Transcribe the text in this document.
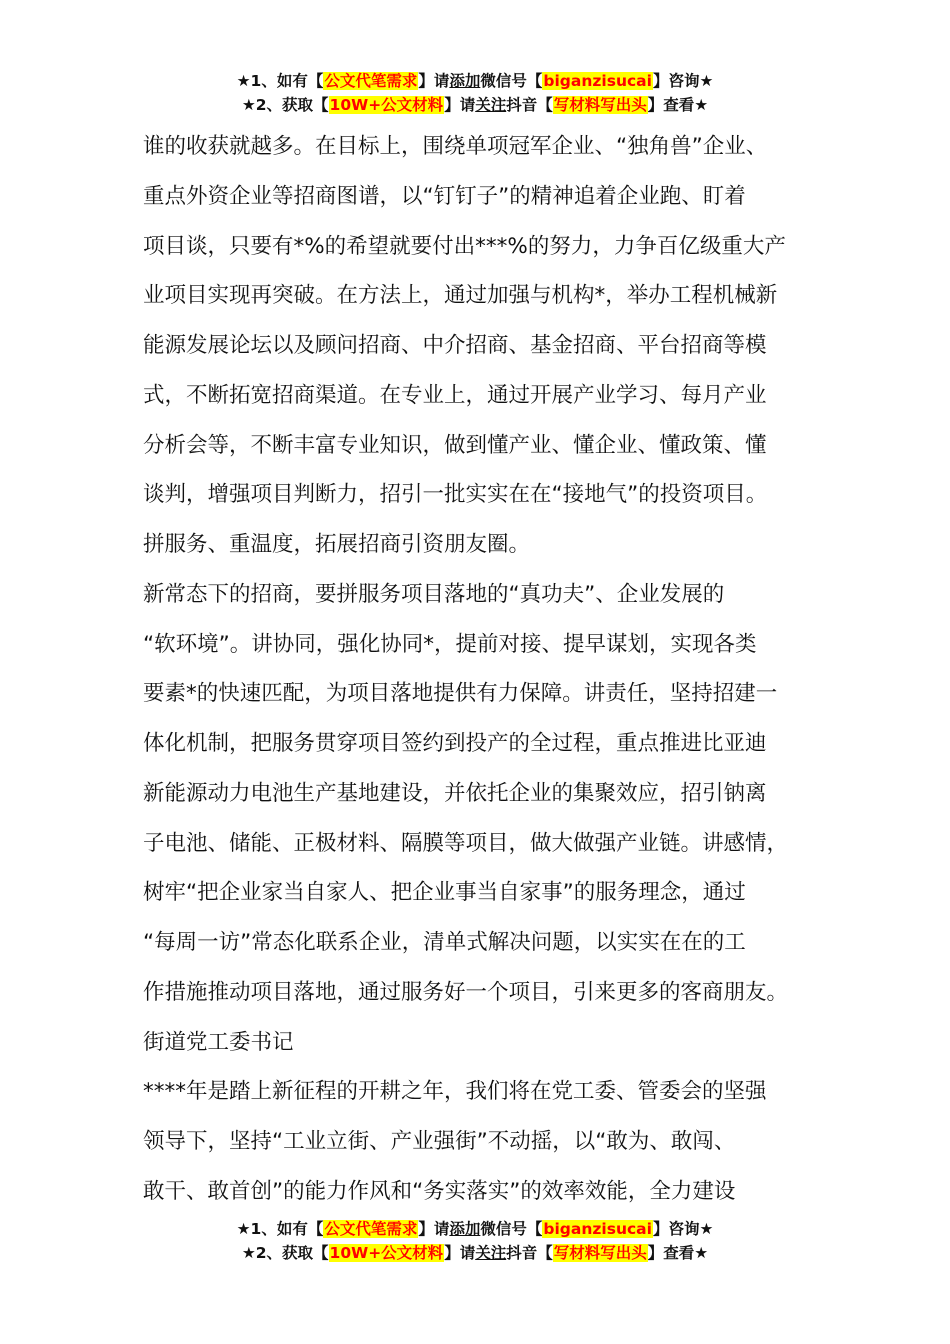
★1、如有【公文代笔需求】请添加微信号【biganzisucai】咨询★
★2、获取【10W+公文材料】请关注抖音【写材料写出头】查看★
谁的收获就越多。在目标上，围绕单项冠军企业、“独角兽”企业、
重点外资企业等招商图谱，以“钉钉子”的精神追着企业跑、盯着
项目谈，只要有*%的希望就要付出***%的努力，力争百亿级重大产
业项目实现再突破。在方法上，通过加强与机构*，举办工程机械新
能源发展论坛以及顾问招商、中介招商、基金招商、平台招商等模
式，不断拓宽招商渠道。在专业上，通过开展产业学习、每月产业
分析会等，不断丰富专业知识，做到懂产业、懂企业、懂政策、懂
谈判，增强项目判断力，招引一批实实在在“接地气”的投资项目。
拼服务、重温度，拓展招商引资朋友圈。
新常态下的招商，要拼服务项目落地的“真功夫”、企业发展的
“软环境”。讲协同，强化协同*，提前对接、提早谋划，实现各类
要素*的快速匹配，为项目落地提供有力保障。讲责任，坚持招建一
体化机制，把服务贯穿项目签约到投产的全过程，重点推进比亚迪
新能源动力电池生产基地建设，并依托企业的集聚效应，招引钠离
子电池、储能、正极材料、隔膜等项目，做大做强产业链。讲感情，
树牢“把企业家当自家人、把企业事当自家事”的服务理念，通过
“每周一访”常态化联系企业，清单式解决问题，以实实在在的工
作措施推动项目落地，通过服务好一个项目，引来更多的客商朋友。
街道党工委书记
****年是踏上新征程的开耕之年，我们将在党工委、管委会的坚强
领导下，坚持“工业立街、产业强街”不动摇，以“敢为、敢闯、
敢干、敢首创”的能力作风和“务实落实”的效率效能，全力建设
★1、如有【公文代笔需求】请添加微信号【biganzisucai】咨询★
★2、获取【10W+公文材料】请关注抖音【写材料写出头】查看★
